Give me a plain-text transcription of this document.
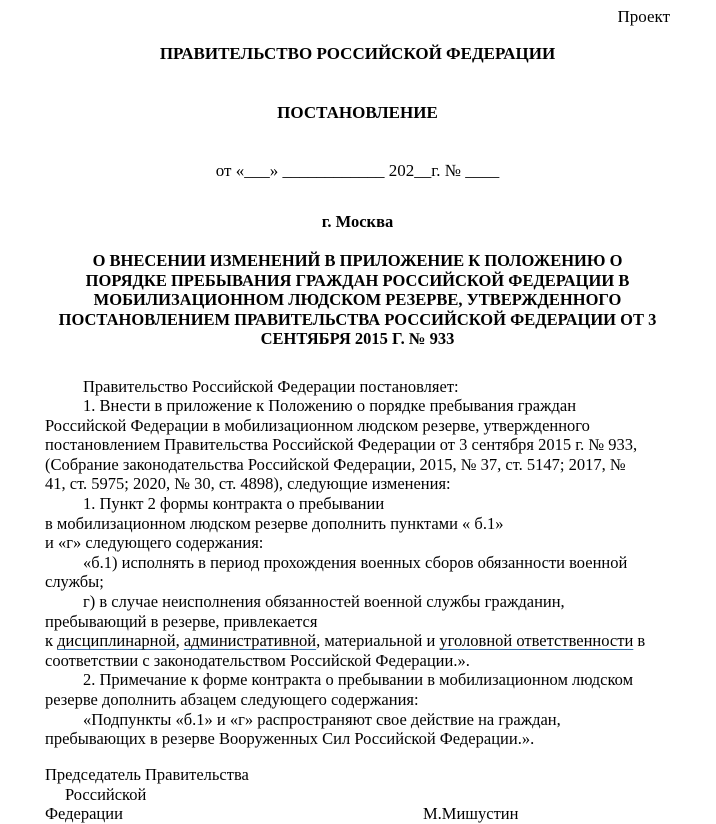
Проект
ПРАВИТЕЛЬСТВО РОССИЙСКОЙ ФЕДЕРАЦИИ
ПОСТАНОВЛЕНИЕ
от «___» ____________ 202__г. № ____
г. Москва
О ВНЕСЕНИИ ИЗМЕНЕНИЙ В ПРИЛОЖЕНИЕ К ПОЛОЖЕНИЮ О
ПОРЯДКЕ ПРЕБЫВАНИЯ ГРАЖДАН РОССИЙСКОЙ ФЕДЕРАЦИИ В
МОБИЛИЗАЦИОННОМ ЛЮДСКОМ РЕЗЕРВЕ, УТВЕРЖДЕННОГО
ПОСТАНОВЛЕНИЕМ ПРАВИТЕЛЬСТВА РОССИЙСКОЙ ФЕДЕРАЦИИ ОТ 3
СЕНТЯБРЯ 2015 Г. № 933
Правительство Российской Федерации постановляет:
1. Внести в приложение к Положению о порядке пребывания граждан
Российской Федерации в мобилизационном людском резерве, утвержденного
постановлением Правительства Российской Федерации от 3 сентября 2015 г. № 933,
(Собрание законодательства Российской Федерации, 2015, № 37, ст. 5147; 2017, №
41, ст. 5975; 2020, № 30, ст. 4898), следующие изменения:
1. Пункт 2 формы контракта о пребывании
в мобилизационном людском резерве дополнить пунктами « б.1»
и «г» следующего содержания:
«б.1) исполнять в период прохождения военных сборов обязанности военной
службы;
г) в случае неисполнения обязанностей военной службы гражданин,
пребывающий в резерве, привлекается
к дисциплинарной, административной, материальной и уголовной ответственности в
соответствии с законодательством Российской Федерации.».
2. Примечание к форме контракта о пребывании в мобилизационном людском
резерве дополнить абзацем следующего содержания:
«Подпункты «б.1» и «г» распространяют свое действие на граждан,
пребывающих в резерве Вооруженных Сил Российской Федерации.».
Председатель Правительства
Российской
Федерации	М.Мишустин
